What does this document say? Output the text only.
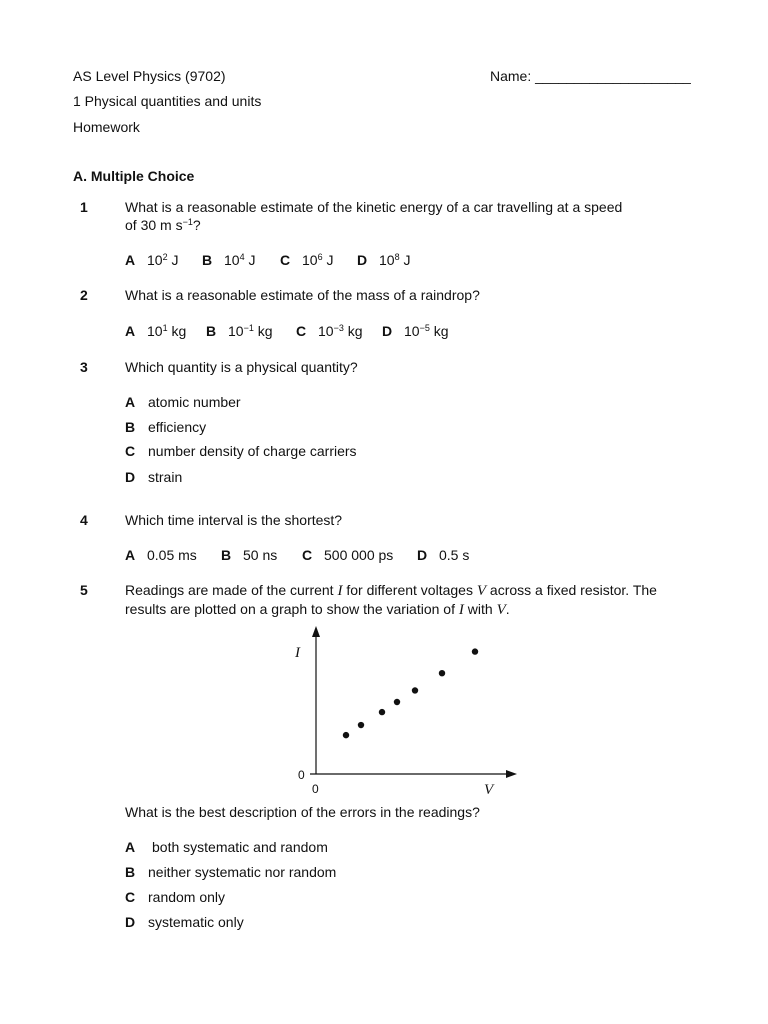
AS Level Physics (9702)	Name: ____________________
1 Physical quantities and units
Homework
A. Multiple Choice
1	What is a reasonable estimate of the kinetic energy of a car travelling at a speed
of 30 m $s^{-1}$?
A $10^2$ J B $10^4$ J C $10^6$ J D $10^8$ J
2	What is a reasonable estimate of the mass of a raindrop?
A $10^1$ kg B $10^{-1}$ kg C $10^{-3}$ kg D $10^{-5}$ kg
3	Which quantity is a physical quantity?
A atomic number
B efficiency
C number density of charge carriers
D strain
4	Which time interval is the shortest?
A 0.05 ms B 50 ns C 500 000 ps D 0.5 s
5	Readings are made of the current I for different voltages V across a fixed resistor. The
results are plotted on a graph to show the variation of I with V.
I
V
0
0
What is the best description of the errors in the readings?
A both systematic and random
B neither systematic nor random
C random only
D systematic only
